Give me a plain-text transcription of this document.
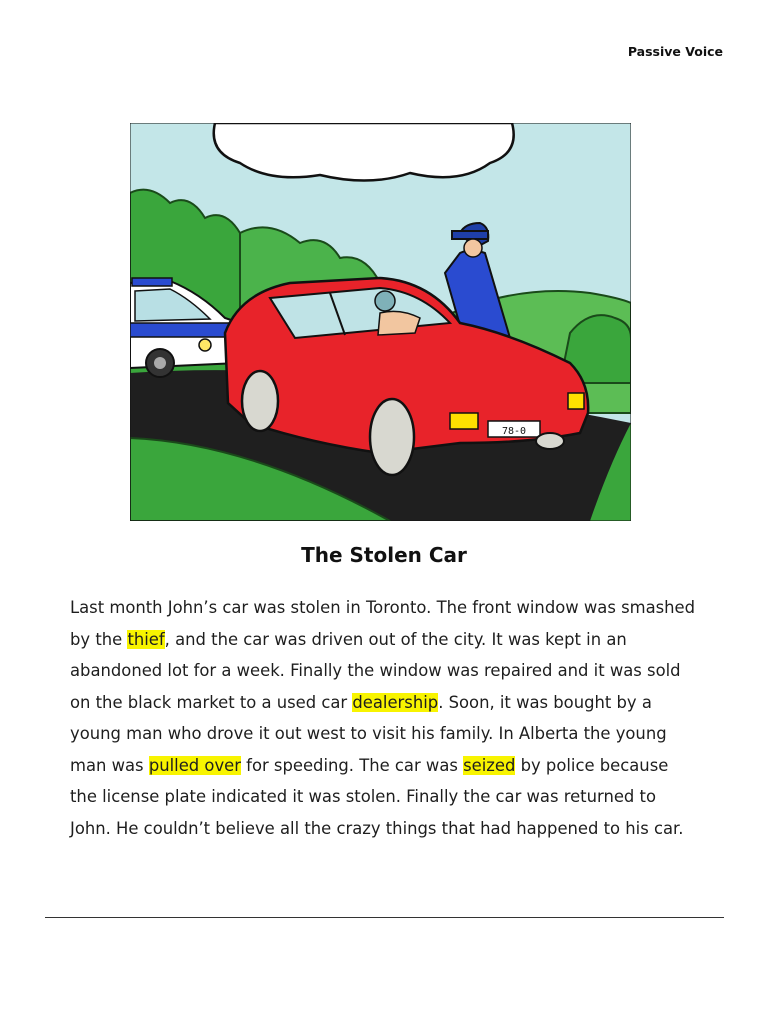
Passive Voice
78-0
The Stolen Car

Last month John’s car was stolen in Toronto. The front window was smashed by the thief, and the car was driven out of the city. It was kept in an abandoned lot for a week. Finally the window was repaired and it was sold on the black market to a used car dealership. Soon, it was bought by a young man who drove it out west to visit his family. In Alberta the young man was pulled over for speeding. The car was seized by police because the license plate indicated it was stolen. Finally the car was returned to John. He couldn’t believe all the crazy things that had happened to his car.
